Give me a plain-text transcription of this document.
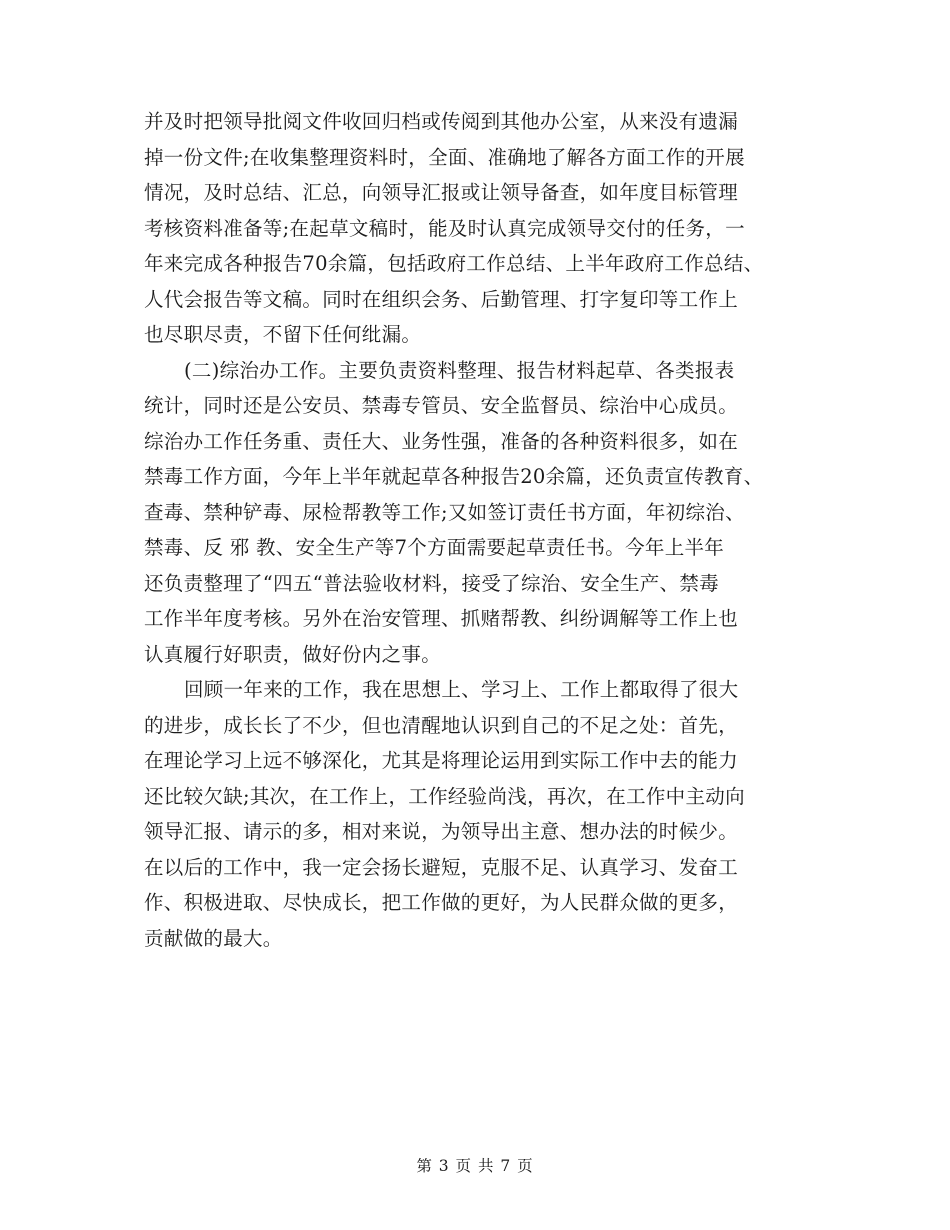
并及时把领导批阅文件收回归档或传阅到其他办公室，从来没有遗漏
掉一份文件;在收集整理资料时，全面、准确地了解各方面工作的开展
情况，及时总结、汇总，向领导汇报或让领导备查，如年度目标管理
考核资料准备等;在起草文稿时，能及时认真完成领导交付的任务，一
年来完成各种报告70余篇，包括政府工作总结、上半年政府工作总结、
人代会报告等文稿。同时在组织会务、后勤管理、打字复印等工作上
也尽职尽责，不留下任何纰漏。
(二)综治办工作。主要负责资料整理、报告材料起草、各类报表
统计，同时还是公安员、禁毒专管员、安全监督员、综治中心成员。
综治办工作任务重、责任大、业务性强，准备的各种资料很多，如在
禁毒工作方面，今年上半年就起草各种报告20余篇，还负责宣传教育、
查毒、禁种铲毒、尿检帮教等工作;又如签订责任书方面，年初综治、
禁毒、反 邪 教、安全生产等7个方面需要起草责任书。今年上半年
还负责整理了“四五“普法验收材料，接受了综治、安全生产、禁毒
工作半年度考核。另外在治安管理、抓赌帮教、纠纷调解等工作上也
认真履行好职责，做好份内之事。
回顾一年来的工作，我在思想上、学习上、工作上都取得了很大
的进步，成长长了不少，但也清醒地认识到自己的不足之处：首先，
在理论学习上远不够深化，尤其是将理论运用到实际工作中去的能力
还比较欠缺;其次，在工作上，工作经验尚浅，再次，在工作中主动向
领导汇报、请示的多，相对来说，为领导出主意、想办法的时候少。
在以后的工作中，我一定会扬长避短，克服不足、认真学习、发奋工
作、积极进取、尽快成长，把工作做的更好，为人民群众做的更多，
贡献做的最大。
第 3 页 共 7 页
